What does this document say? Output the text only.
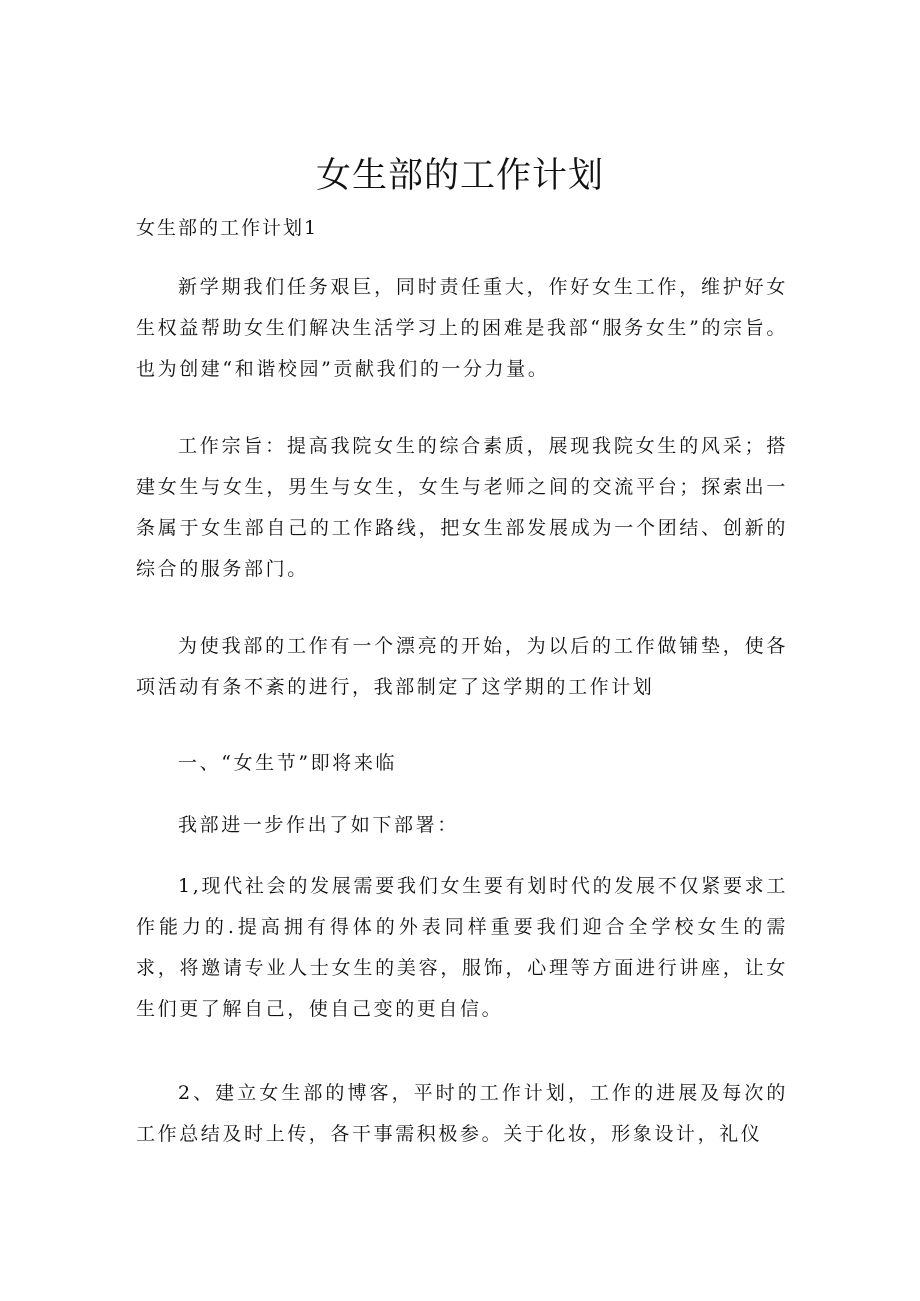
女生部的工作计划
女生部的工作计划1

新学期我们任务艰巨，同时责任重大，作好女生工作，维护好女生权益帮助女生们解决生活学习上的困难是我部“服务女生”的宗旨。也为创建“和谐校园”贡献我们的一分力量。

工作宗旨：提高我院女生的综合素质，展现我院女生的风采；搭建女生与女生，男生与女生，女生与老师之间的交流平台；探索出一条属于女生部自己的工作路线，把女生部发展成为一个团结、创新的综合的服务部门。

为使我部的工作有一个漂亮的开始，为以后的工作做铺垫，使各项活动有条不紊的进行，我部制定了这学期的工作计划

一、“女生节”即将来临

我部进一步作出了如下部署：

1,现代社会的发展需要我们女生要有划时代的发展不仅紧要求工作能力的.提高拥有得体的外表同样重要我们迎合全学校女生的需求，将邀请专业人士女生的美容，服饰，心理等方面进行讲座，让女生们更了解自己，使自己变的更自信。

2、建立女生部的博客，平时的工作计划，工作的进展及每次的工作总结及时上传，各干事需积极参。关于化妆，形象设计，礼仪
